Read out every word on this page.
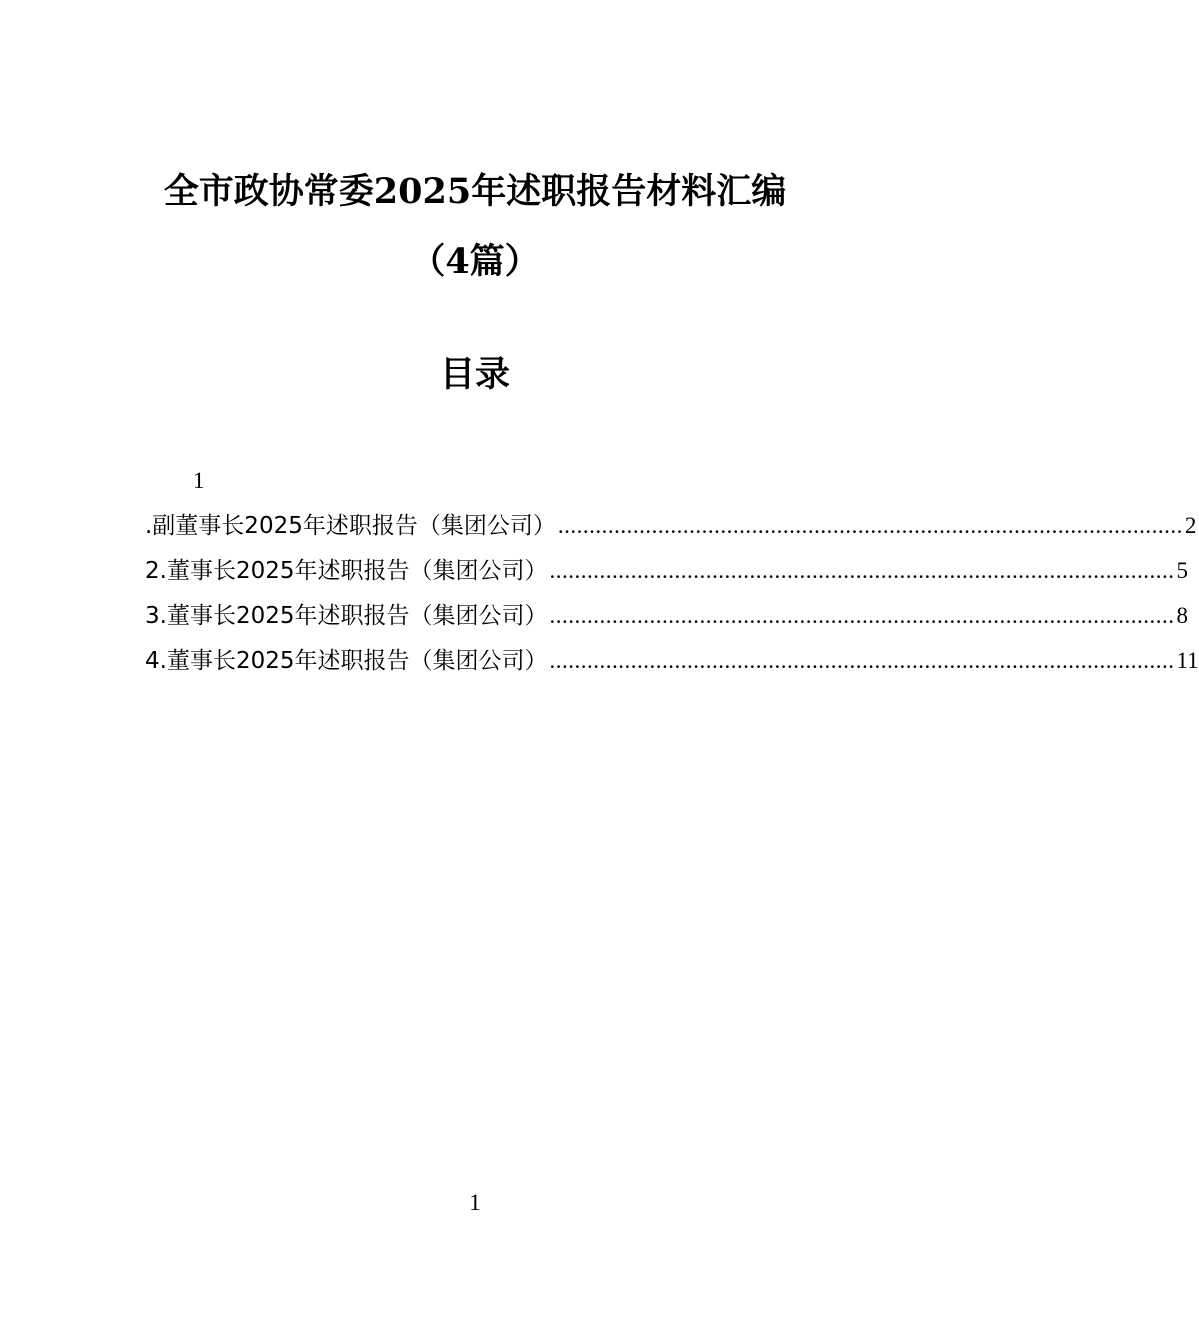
全市政协常委2025年述职报告材料汇编
（4篇）
目录
1
.副董事长2025年述职报告（集团公司） .................................................................................................... 2
2.董事长2025年述职报告（集团公司） .................................................................................................... 5
3.董事长2025年述职报告（集团公司） .................................................................................................... 8
4.董事长2025年述职报告（集团公司） .................................................................................................... 11
1
